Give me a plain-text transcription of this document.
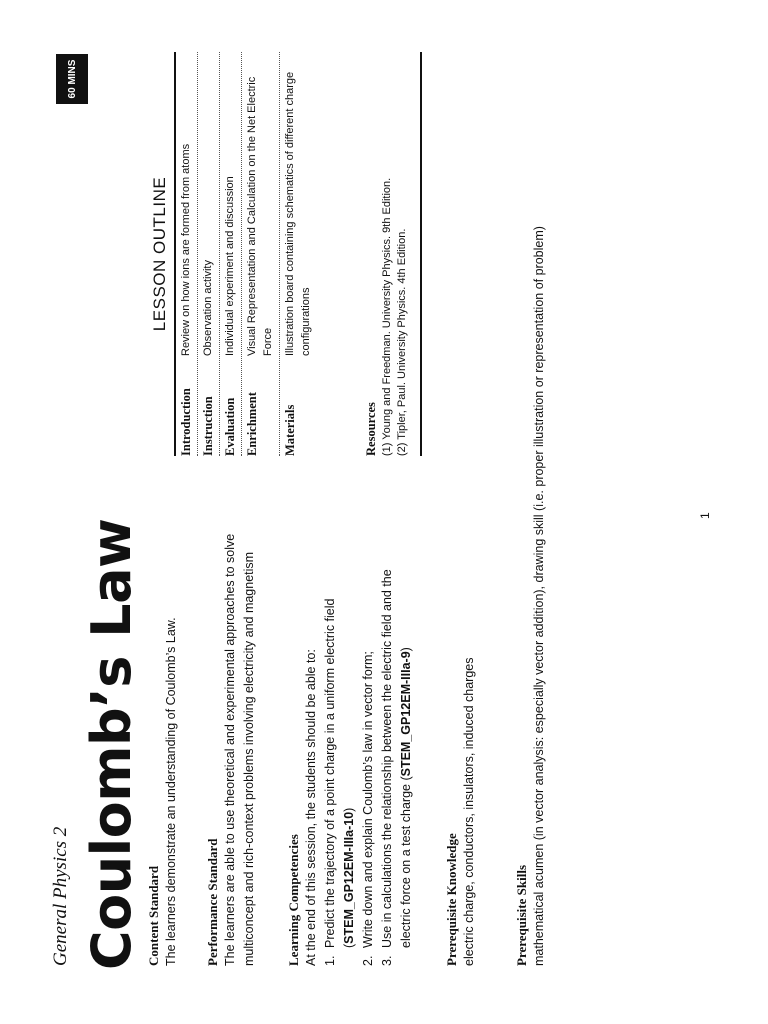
General Physics 2 Coulomb’s Law Content Standard The learners demonstrate an understanding of Coulomb’s Law. Performance Standard The learners are able to use theoretical and experimental approaches to solve multiconcept and rich-context problems involving electricity and magnetism Learning Competencies At the end of this session, the students should be able to: 1.
Predict the trajectory of a point charge in a uniform electric field (STEM_GP12EM-IIIa-10)
2.
Write down and explain Coulomb’s law in vector form;
3.
Use in calculations the relationship between the electric field and the electric force on a test charge (STEM_GP12EM-IIIa-9)
Prerequisite Knowledge electric charge, conductors, insulators, induced charges	Prerequisite Skills mathematical acumen (in vector analysis: especially vector addition), drawing skill (i.e. proper illustration or representation of problem)
60 MINS
LESSON OUTLINE
Introduction
Review on how ions are formed from atoms
Instruction
Observation activity
Evaluation
Individual experiment and discussion
Enrichment
Visual Representation and Calculation on the Net Electric Force
Materials
Illustration board containing schematics of different charge configurations
Resources (1) Young and Freedman. University Physics. 9th Edition. (2) Tipler, Paul. University Physics. 4th Edition.
1
